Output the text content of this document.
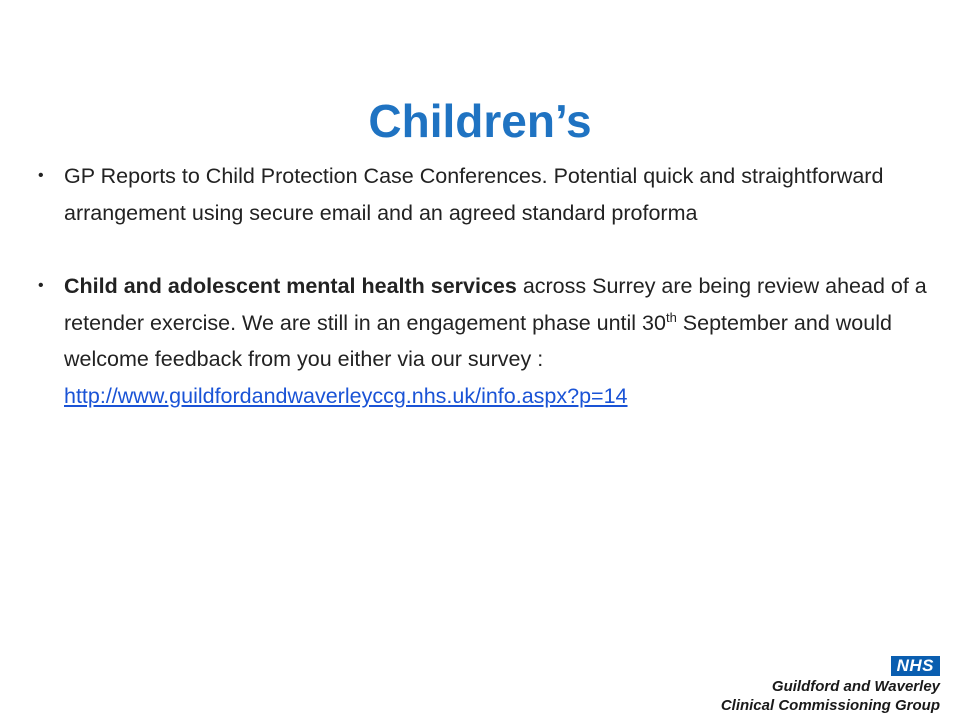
Children’s
• GP Reports to Child Protection Case Conferences. Potential quick and straightforward arrangement using secure email and an agreed standard proforma
• Child and adolescent mental health services across Surrey are being review ahead of a retender exercise. We are still in an engagement phase until 30th September and would welcome feedback from you either via our survey : http://www.guildfordandwaverleyccg.nhs.uk/info.aspx?p=14
NHS
Guildford and Waverley
Clinical Commissioning Group
